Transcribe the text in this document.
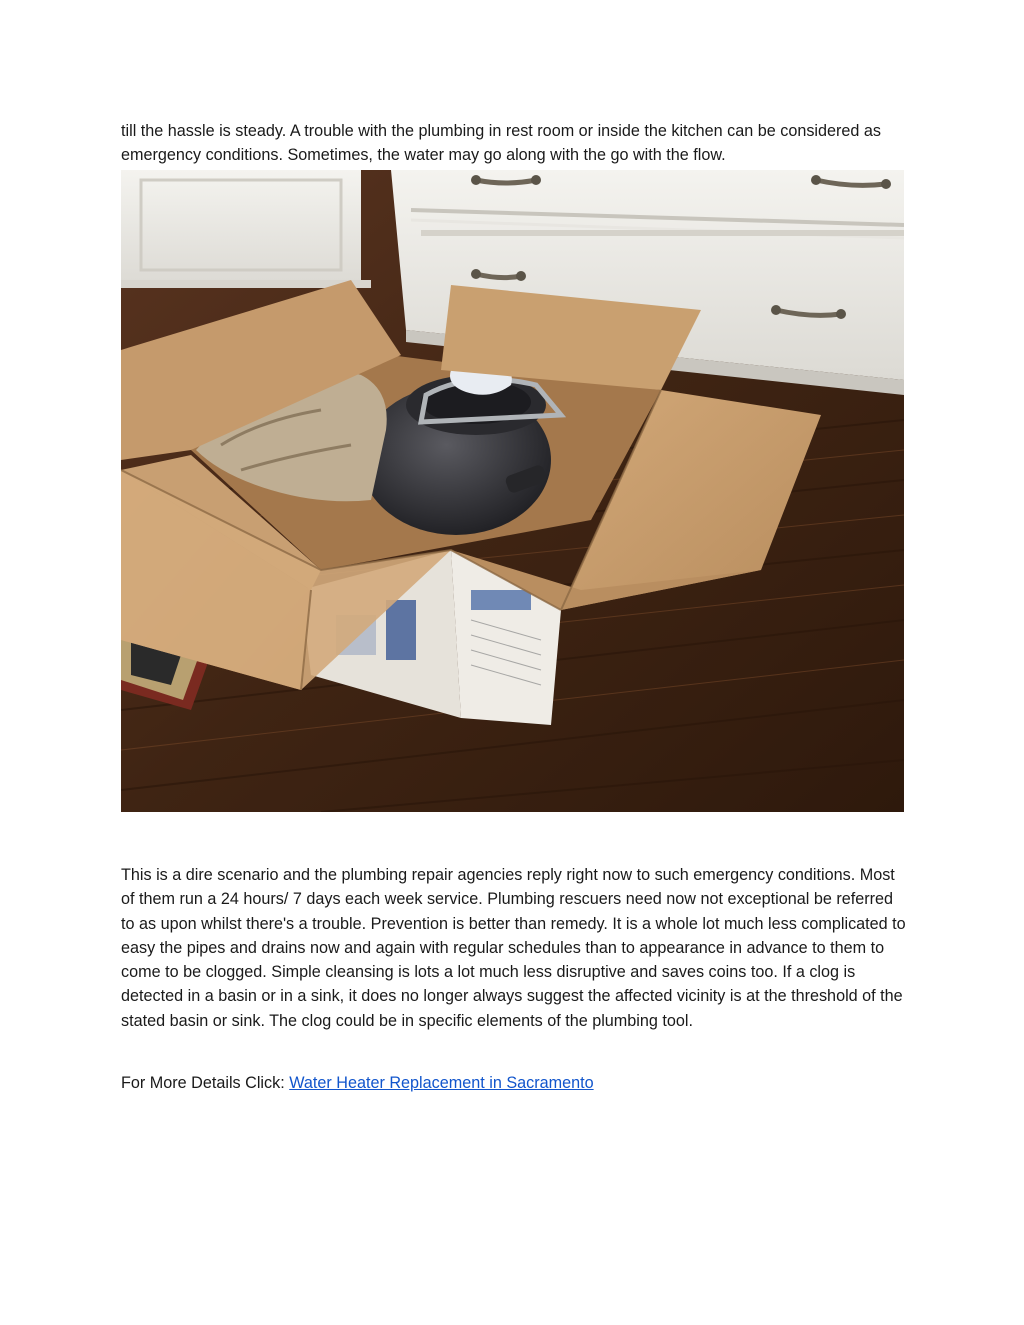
till the hassle is steady. A trouble with the plumbing in rest room or inside the kitchen can be considered as emergency conditions. Sometimes, the water may go along with the go with the flow.

This is a dire scenario and the plumbing repair agencies reply right now to such emergency conditions. Most of them run a 24 hours/ 7 days each week service. Plumbing rescuers need now not exceptional be referred to as upon whilst there's a trouble. Prevention is better than remedy. It is a whole lot much less complicated to easy the pipes and drains now and again with regular schedules than to appearance in advance to them to come to be clogged. Simple cleansing is lots a lot much less disruptive and saves coins too. If a clog is detected in a basin or in a sink, it does no longer always suggest the affected vicinity is at the threshold of the stated basin or sink. The clog could be in specific elements of the plumbing tool.

For More Details Click: Water Heater Replacement in Sacramento
